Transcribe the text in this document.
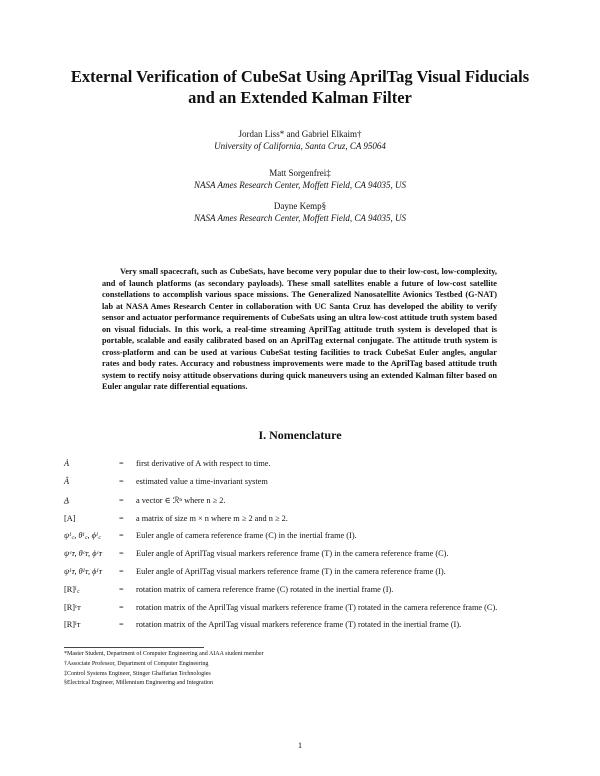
External Verification of CubeSat Using AprilTag Visual Fiducials and an Extended Kalman Filter
Jordan Liss* and Gabriel Elkaim†
University of California, Santa Cruz, CA 95064
Matt Sorgenfrei‡
NASA Ames Research Center, Moffett Field, CA 94035, US
Dayne Kemp§
NASA Ames Research Center, Moffett Field, CA 94035, US
Very small spacecraft, such as CubeSats, have become very popular due to their low-cost, low-complexity, and of launch platforms (as secondary payloads). These small satellites enable a future of low-cost satellite constellations to accomplish various space missions. The Generalized Nanosatellite Avionics Testbed (G-NAT) lab at NASA Ames Research Center in collaboration with UC Santa Cruz has developed the ability to verify sensor and actuator performance requirements of CubeSats using an ultra low-cost attitude truth system based on visual fiducials. In this work, a real-time streaming AprilTag attitude truth system is developed that is portable, scalable and easily calibrated based on an AprilTag external conjugate. The attitude truth system is cross-platform and can be used at various CubeSat testing facilities to track CubeSat Euler angles, angular rates and body rates. Accuracy and robustness improvements were made to the AprilTag based attitude truth system to rectify noisy attitude observations during quick maneuvers using an extended Kalman filter based on Euler angular rate differential equations.
I. Nomenclature
Ȧ	=	first derivative of A with respect to time.
Â	=	estimated value a time-invariant system
A̲	=	a vector ∈ ℛⁿ where n ≥ 2.
[A]	=	a matrix of size m × n where m ≥ 2 and n ≥ 2.
ψᴵ꜀, θᴵ꜀, ϕᴵ꜀	=	Euler angle of camera reference frame (C) in the inertial frame (I).
ψᶜᴛ, θᶜᴛ, ϕᶜᴛ	=	Euler angle of AprilTag visual markers reference frame (T) in the camera reference frame (C).
ψᴵᴛ, θᴵᴛ, ϕᴵᴛ	=	Euler angle of AprilTag visual markers reference frame (T) in the camera reference frame (I).
[R]ᴵ꜀	=	rotation matrix of camera reference frame (C) rotated in the inertial frame (I).
[R]ᶜᴛ	=	rotation matrix of the AprilTag visual markers reference frame (T) rotated in the camera reference frame (C).
[R]ᴵᴛ	=	rotation matrix of the AprilTag visual markers reference frame (T) rotated in the inertial frame (I).
*Master Student, Department of Computer Engineering and AIAA student member
†Associate Professor, Department of Computer Engineering
‡Control Systems Engineer, Stinger Ghaffarian Technologies
§Electrical Engineer, Millennium Engineering and Integration
1
